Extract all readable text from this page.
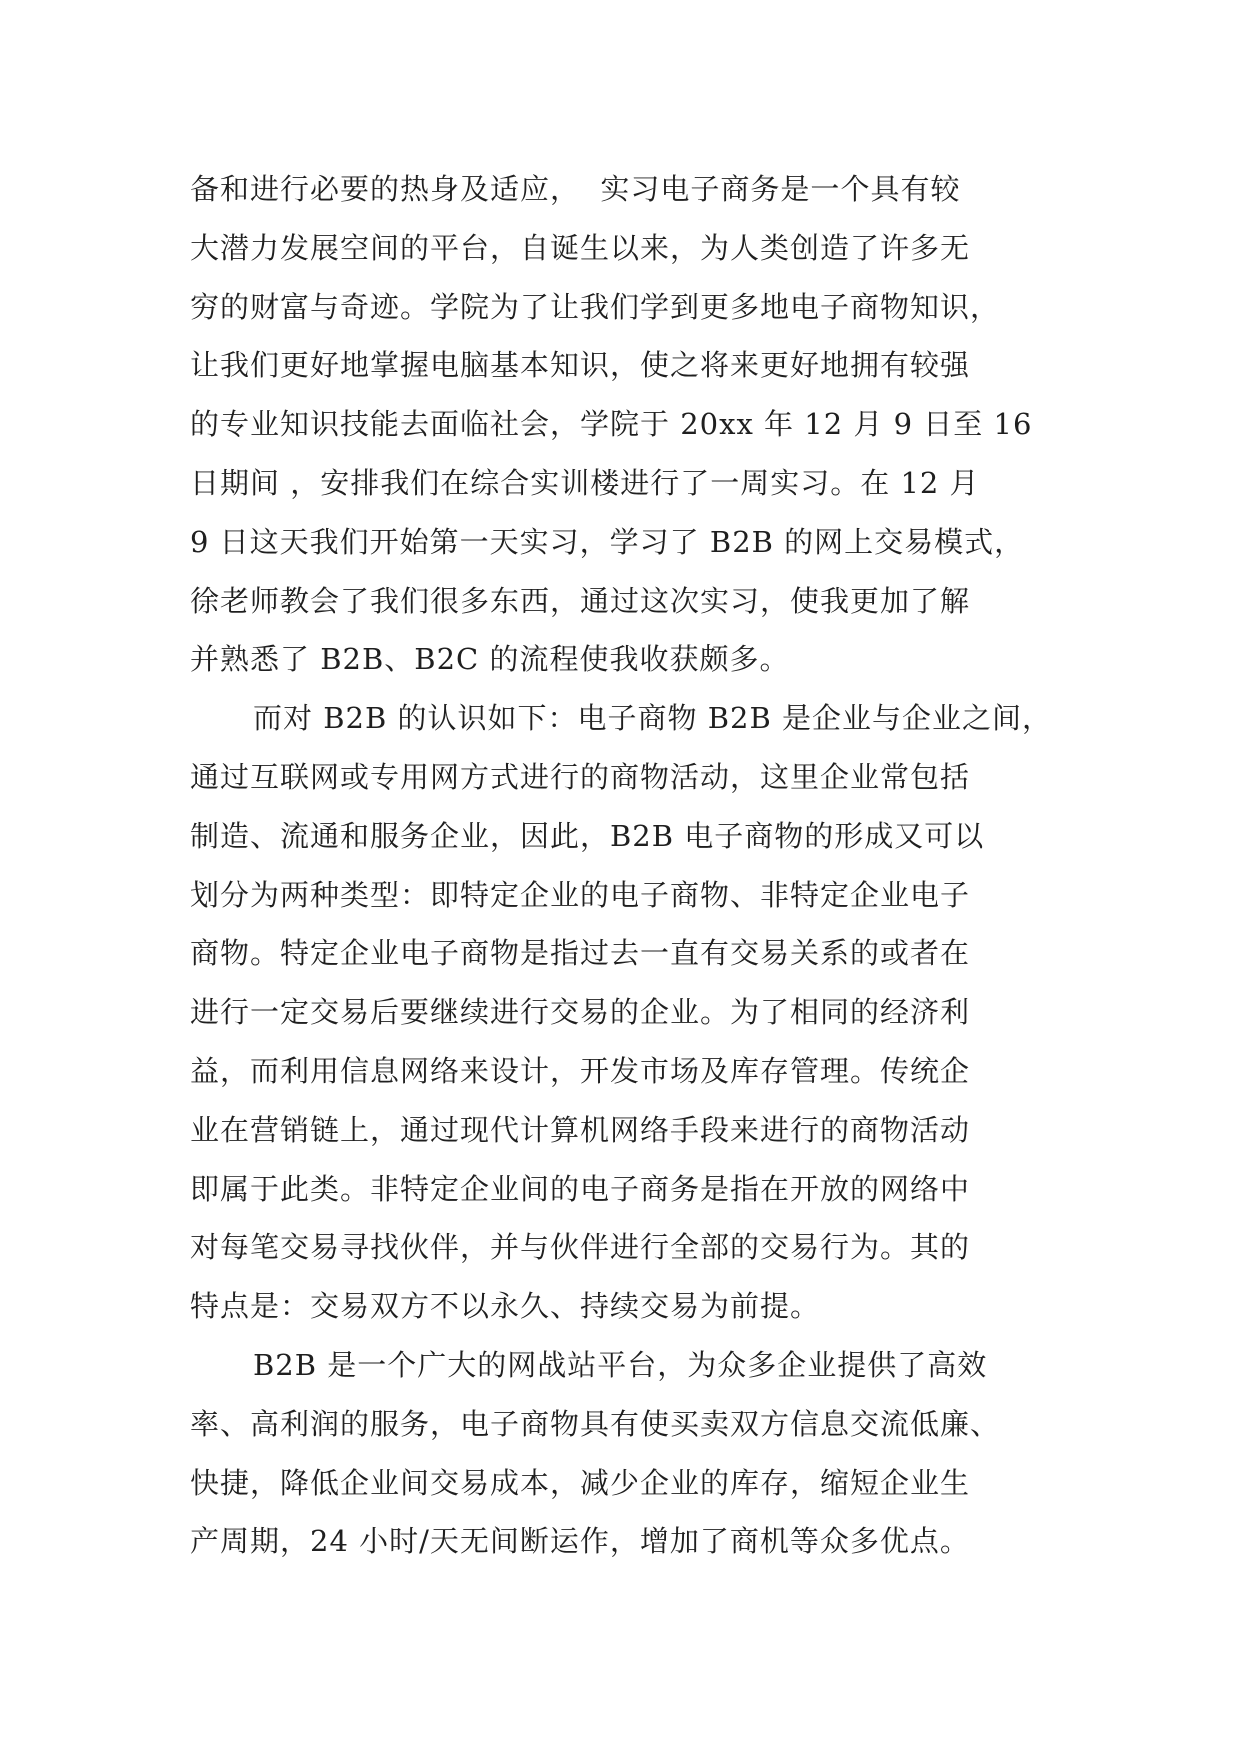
备和进行必要的热身及适应，  实习电子商务是一个具有较
大潜力发展空间的平台，自诞生以来，为人类创造了许多无
穷的财富与奇迹。学院为了让我们学到更多地电子商物知识，
让我们更好地掌握电脑基本知识，使之将来更好地拥有较强
的专业知识技能去面临社会，学院于 20xx 年 12 月 9 日至 16
日期间 ，安排我们在综合实训楼进行了一周实习。在 12 月
9 日这天我们开始第一天实习，学习了 B2B 的网上交易模式，
徐老师教会了我们很多东西，通过这次实习，使我更加了解
并熟悉了 B2B、B2C 的流程使我收获颇多。
而对 B2B 的认识如下：电子商物 B2B 是企业与企业之间，
通过互联网或专用网方式进行的商物活动，这里企业常包括
制造、流通和服务企业，因此，B2B 电子商物的形成又可以
划分为两种类型：即特定企业的电子商物、非特定企业电子
商物。特定企业电子商物是指过去一直有交易关系的或者在
进行一定交易后要继续进行交易的企业。为了相同的经济利
益，而利用信息网络来设计，开发市场及库存管理。传统企
业在营销链上，通过现代计算机网络手段来进行的商物活动
即属于此类。非特定企业间的电子商务是指在开放的网络中
对每笔交易寻找伙伴，并与伙伴进行全部的交易行为。其的
特点是：交易双方不以永久、持续交易为前提。
B2B 是一个广大的网战站平台，为众多企业提供了高效
率、高利润的服务，电子商物具有使买卖双方信息交流低廉、
快捷，降低企业间交易成本，减少企业的库存，缩短企业生
产周期，24 小时/天无间断运作，增加了商机等众多优点。
